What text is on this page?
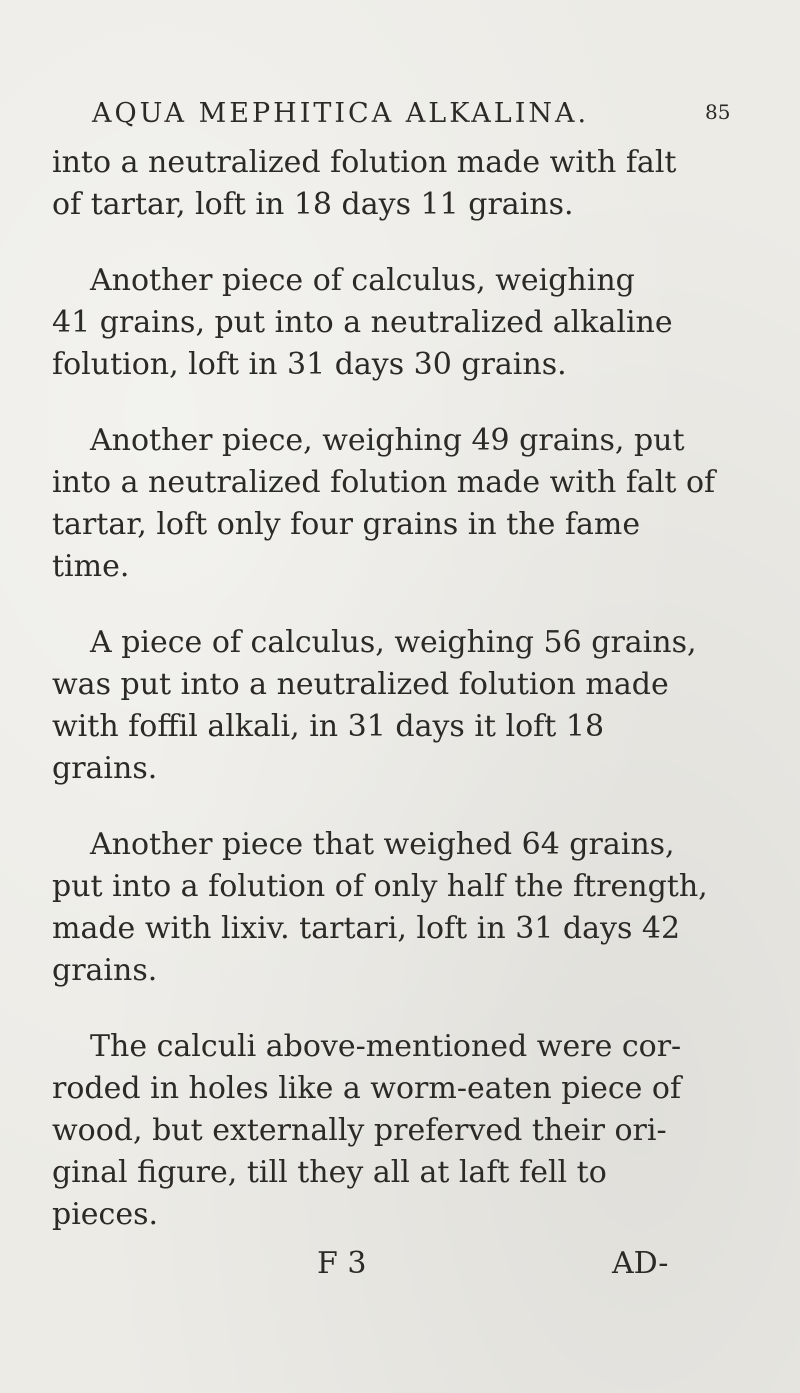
AQUA MEPHITICA ALKALINA.	85

into a neutralized folution made with falt
of tartar, loft in 18 days 11 grains.

Another piece of calculus, weighing
41 grains, put into a neutralized alkaline
folution, loft in 31 days 30 grains.

Another piece, weighing 49 grains, put
into a neutralized folution made with falt of
tartar, loft only four grains in the fame
time.

A piece of calculus, weighing 56 grains,
was put into a neutralized folution made
with foffil alkali, in 31 days it loft 18
grains.

Another piece that weighed 64 grains,
put into a folution of only half the ftrength,
made with lixiv. tartari, loft in 31 days 42
grains.

The calculi above-mentioned were cor-
roded in holes like a worm-eaten piece of
wood, but externally preferved their ori-
ginal figure, till they all at laft fell to
pieces.

F 3	AD-
